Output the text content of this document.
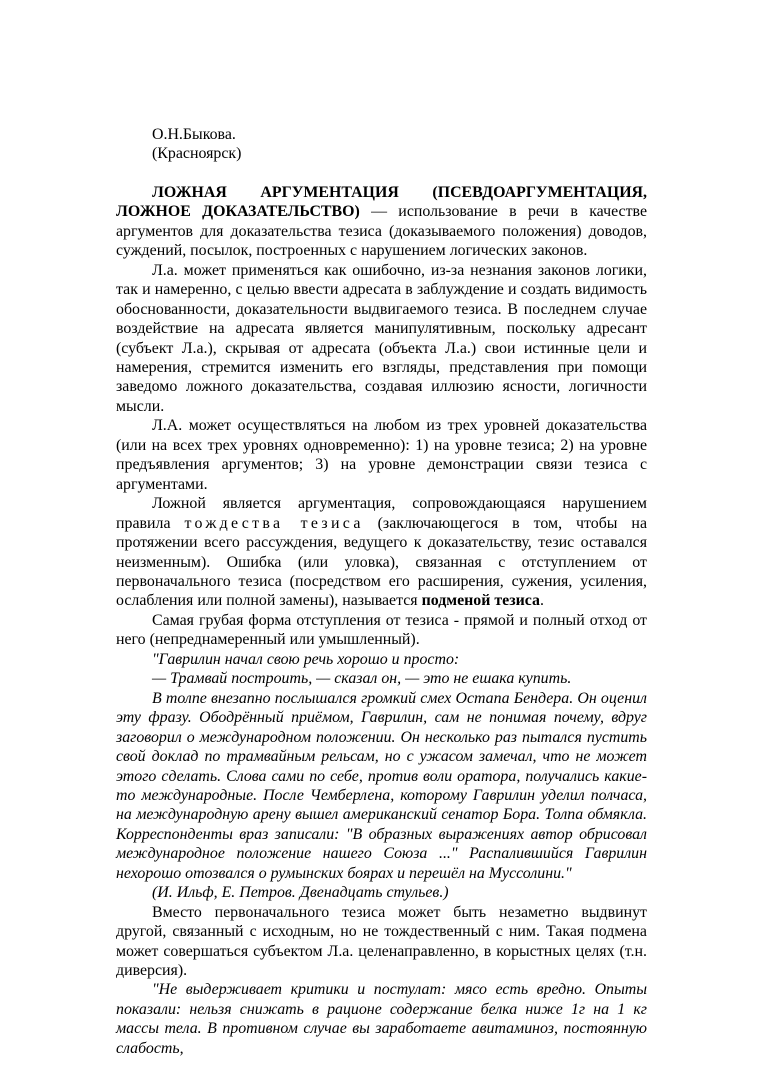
О.Н.Быкова.

(Красноярск)

ЛОЖНАЯ АРГУМЕНТАЦИЯ (ПСЕВДОАРГУМЕНТАЦИЯ, ЛОЖНОЕ ДОКАЗАТЕЛЬСТВО) — использование в речи в качестве аргументов для доказательства тезиса (доказываемого положения) доводов, суждений, посылок, построенных с нарушением логических законов.

Л.а. может применяться как ошибочно, из-за незнания законов логики, так и намеренно, с целью ввести адресата в заблуждение и создать видимость обоснованности, доказательности выдвигаемого тезиса. В последнем случае воздействие на адресата является манипулятивным, поскольку адресант (субъект Л.а.), скрывая от адресата (объекта Л.а.) свои истинные цели и намерения, стремится изменить его взгляды, представления при помощи заведомо ложного доказательства, создавая иллюзию ясности, логичности мысли.

Л.А. может осуществляться на любом из трех уровней доказательства (или на всех трех уровнях одновременно): 1) на уровне тезиса; 2) на уровне предъявления аргументов; 3) на уровне демонстрации связи тезиса с аргументами.

Ложной является аргументация, сопровождающаяся нарушением правила тождества тезиса (заключающегося в том, чтобы на протяжении всего рассуждения, ведущего к доказательству, тезис оставался неизменным). Ошибка (или уловка), связанная с отступлением от первоначального тезиса (посредством его расширения, сужения, усиления, ослабления или полной замены), называется подменой тезиса.

Самая грубая форма отступления от тезиса - прямой и полный отход от него (непреднамеренный или умышленный).

"Гаврилин начал свою речь хорошо и просто:

— Трамвай построить, — сказал он, — это не ешака купить.

В толпе внезапно послышался громкий смех Остапа Бендера. Он оценил эту фразу. Ободрённый приёмом, Гаврилин, сам не понимая почему, вдруг заговорил о международном положении. Он несколько раз пытался пустить свой доклад по трамвайным рельсам, но с ужасом замечал, что не может этого сделать. Слова сами по себе, против воли оратора, получались какие-то международные. После Чемберлена, которому Гаврилин уделил полчаса, на международную арену вышел американский сенатор Бора. Толпа обмякла. Корреспонденты враз записали: "В образных выражениях автор обрисовал международное положение нашего Союза ..." Распалившийся Гаврилин нехорошо отозвался о румынских боярах и перешёл на Муссолини."

(И. Ильф, Е. Петров. Двенадцать стульев.)

Вместо первоначального тезиса может быть незаметно выдвинут другой, связанный с исходным, но не тождественный с ним. Такая подмена может совершаться субъектом Л.а. целенаправленно, в корыстных целях (т.н. диверсия).

"Не выдерживает критики и постулат: мясо есть вредно. Опыты показали: нельзя снижать в рационе содержание белка ниже 1г на 1 кг массы тела. В противном случае вы заработаете авитаминоз, постоянную слабость,
